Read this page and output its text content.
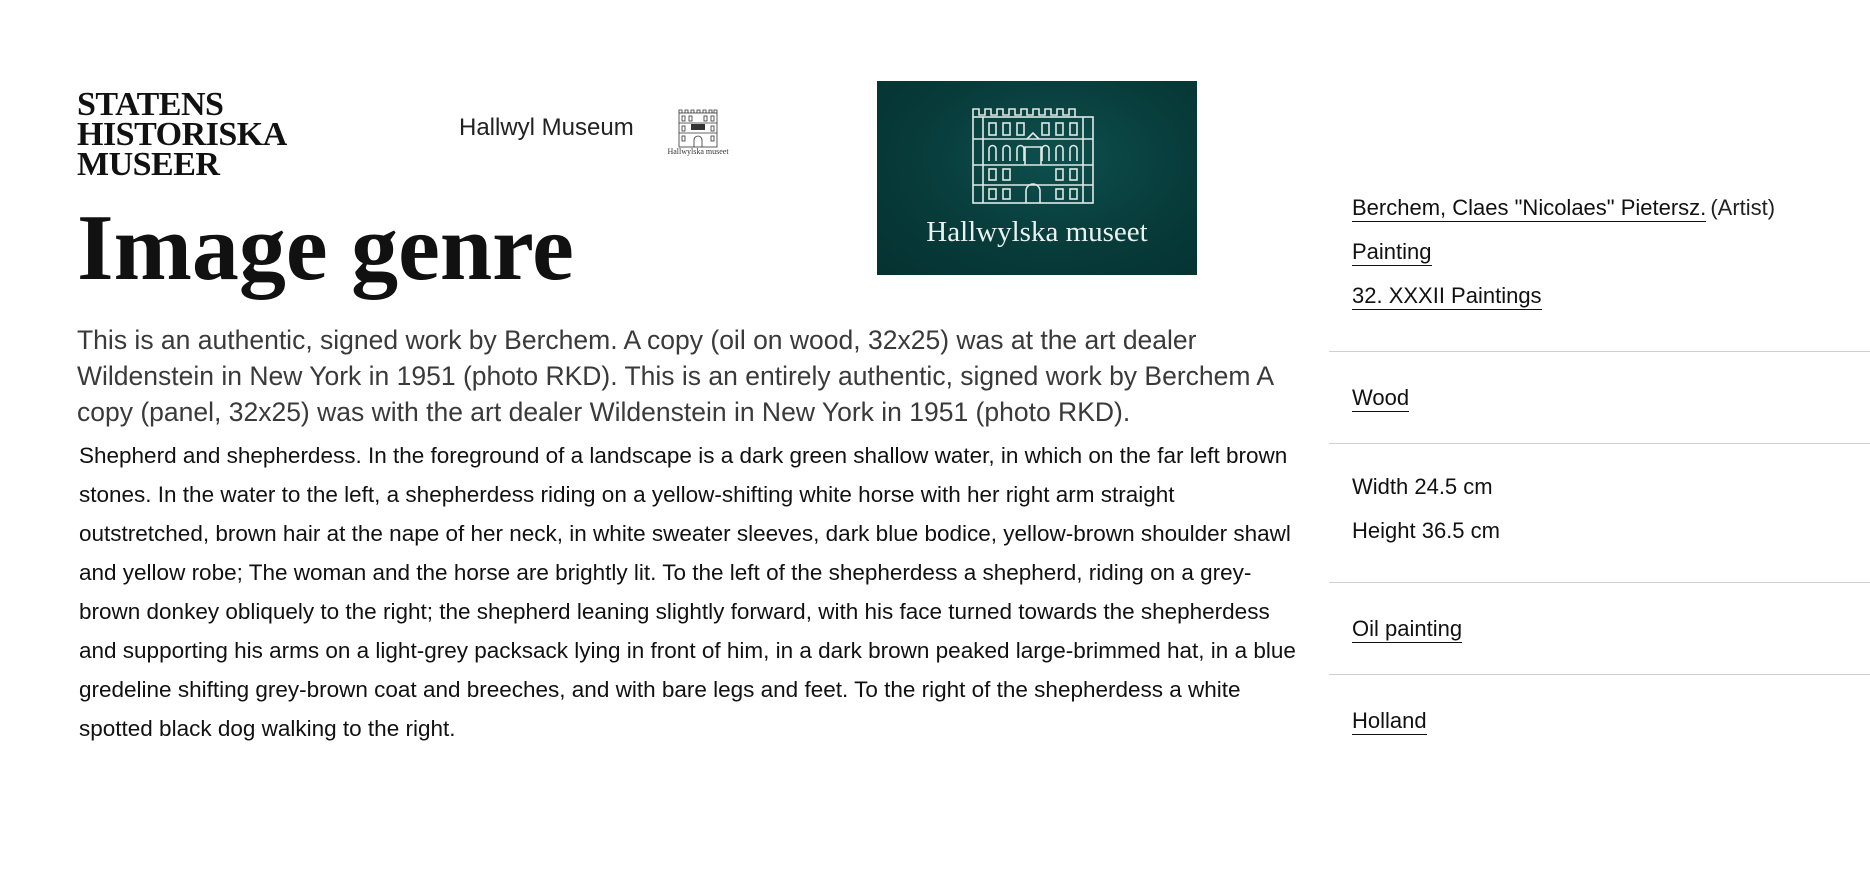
STATENS
HISTORISKA
MUSEER
Hallwyl Museum
Hallwylska museet
Hallwylska museet
Image genre

This is an authentic, signed work by Berchem. A copy (oil on wood, 32x25) was at the art dealer Wildenstein in New York in 1951 (photo RKD). This is an entirely authentic, signed work by Berchem A copy (panel, 32x25) was with the art dealer Wildenstein in New York in 1951 (photo RKD).

Shepherd and shepherdess. In the foreground of a landscape is a dark green shallow water, in which on the far left brown stones. In the water to the left, a shepherdess riding on a yellow-shifting white horse with her right arm straight outstretched, brown hair at the nape of her neck, in white sweater sleeves, dark blue bodice, yellow-brown shoulder shawl and yellow robe; The woman and the horse are brightly lit. To the left of the shepherdess a shepherd, riding on a grey-brown donkey obliquely to the right; the shepherd leaning slightly forward, with his face turned towards the shepherdess and supporting his arms on a light-grey packsack lying in front of him, in a dark brown peaked large-brimmed hat, in a blue gredeline shifting grey-brown coat and breeches, and with bare legs and feet. To the right of the shepherdess a white spotted black dog walking to the right.

Berchem, Claes "Nicolaes" Pietersz. (Artist)
Painting
32. XXXII Paintings
Wood
Width 24.5 cm
Height 36.5 cm
Oil painting
Holland
